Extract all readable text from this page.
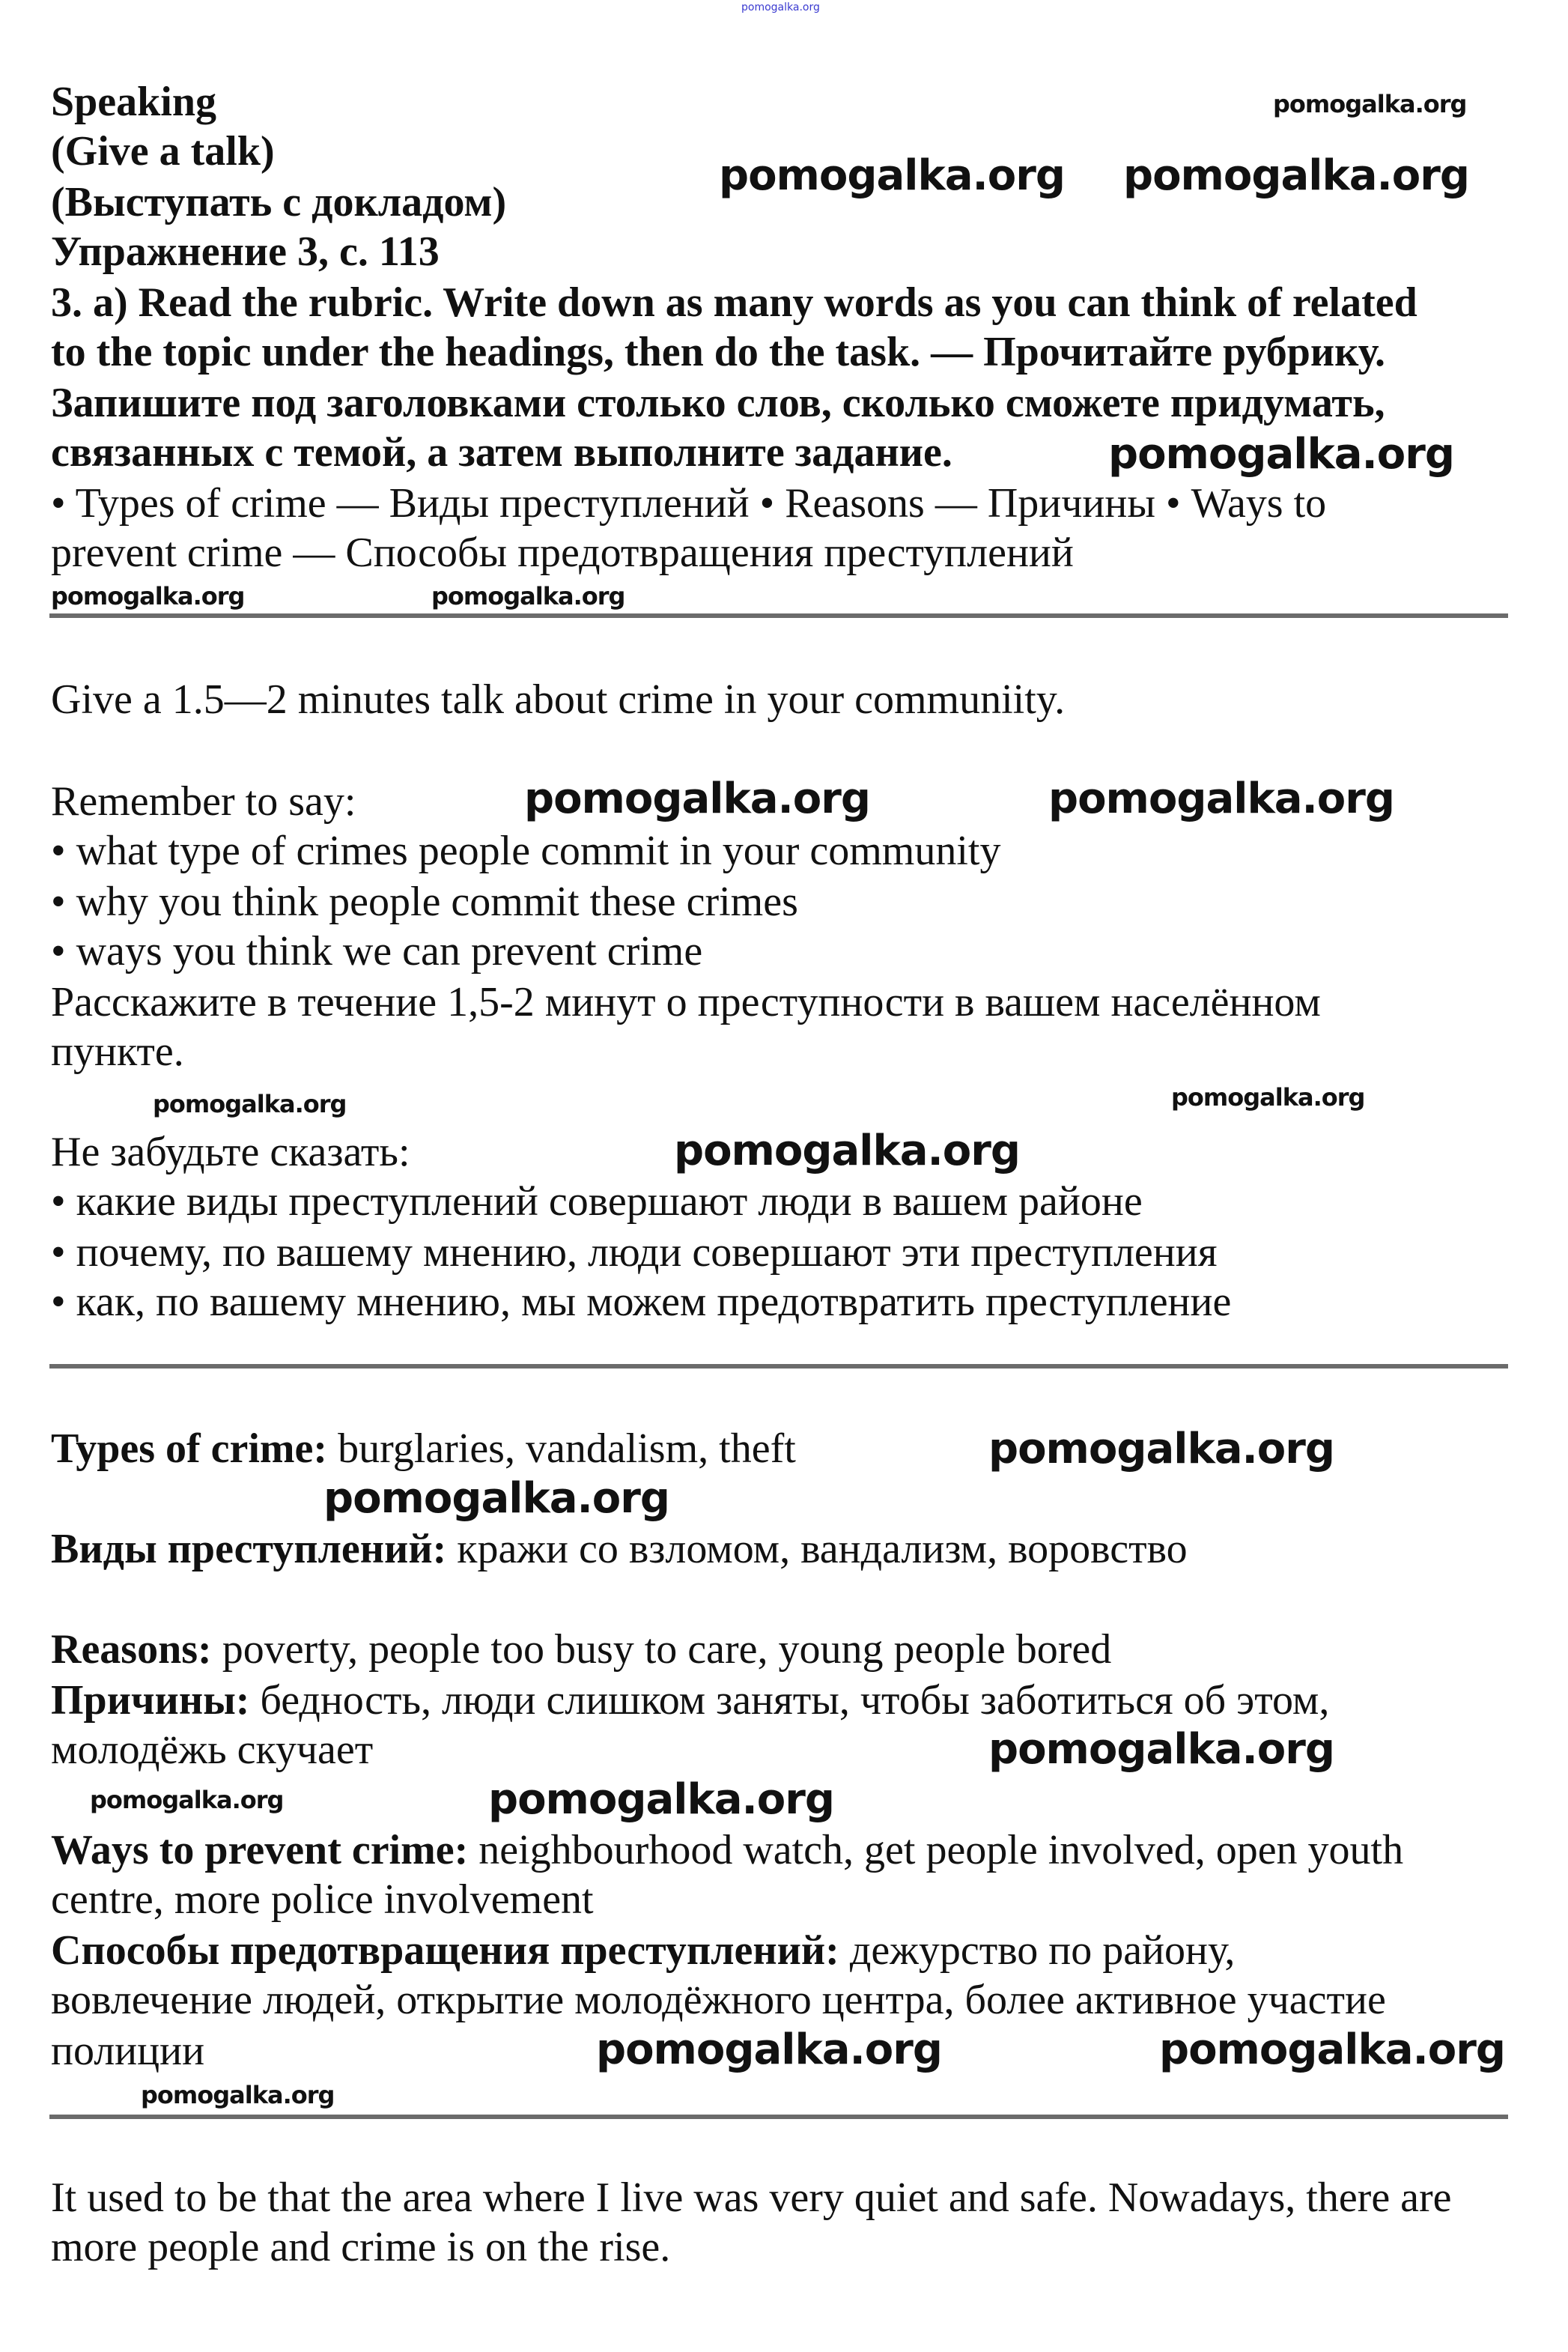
pomogalka.org
Speaking
(Give a talk)
(Выступать с докладом)
Упражнение 3, с. 113
3. a) Read the rubric. Write down as many words as you can think of related
to the topic under the headings, then do the task. — Прочитайте рубрику.
Запишите под заголовками столько слов, сколько сможете придумать,
связанных с темой, а затем выполните задание.
• Types of crime — Виды преступлений • Reasons — Причины • Ways to
prevent crime — Способы предотвращения преступлений
Give a 1.5—2 minutes talk about crime in your communiity.
Remember to say:
• what type of crimes people commit in your community
• why you think people commit these crimes
• ways you think we can prevent crime
Расскажите в течение 1,5-2 минут о преступности в вашем населённом
пункте.
Не забудьте сказать:
• какие виды преступлений совершают люди в вашем районе
• почему, по вашему мнению, люди совершают эти преступления
• как, по вашему мнению, мы можем предотвратить преступление
Types of crime: burglaries, vandalism, theft
Виды преступлений: кражи со взломом, вандализм, воровство
Reasons: poverty, people too busy to care, young people bored
Причины: бедность, люди слишком заняты, чтобы заботиться об этом,
молодёжь скучает
Ways to prevent crime: neighbourhood watch, get people involved, open youth
centre, more police involvement
Способы предотвращения преступлений: дежурство по району,
вовлечение людей, открытие молодёжного центра, более активное участие
полиции
It used to be that the area where I live was very quiet and safe. Nowadays, there are
more people and crime is on the rise.
pomogalka.org pomogalka.org
pomogalka.org
pomogalka.org	pomogalka.org
pomogalka.org
pomogalka.org
pomogalka.org
pomogalka.org
pomogalka.org
pomogalka.org	pomogalka.org
pomogalka.org
pomogalka.org	pomogalka.org
pomogalka.org
pomogalka.org
pomogalka.org
pomogalka.org
